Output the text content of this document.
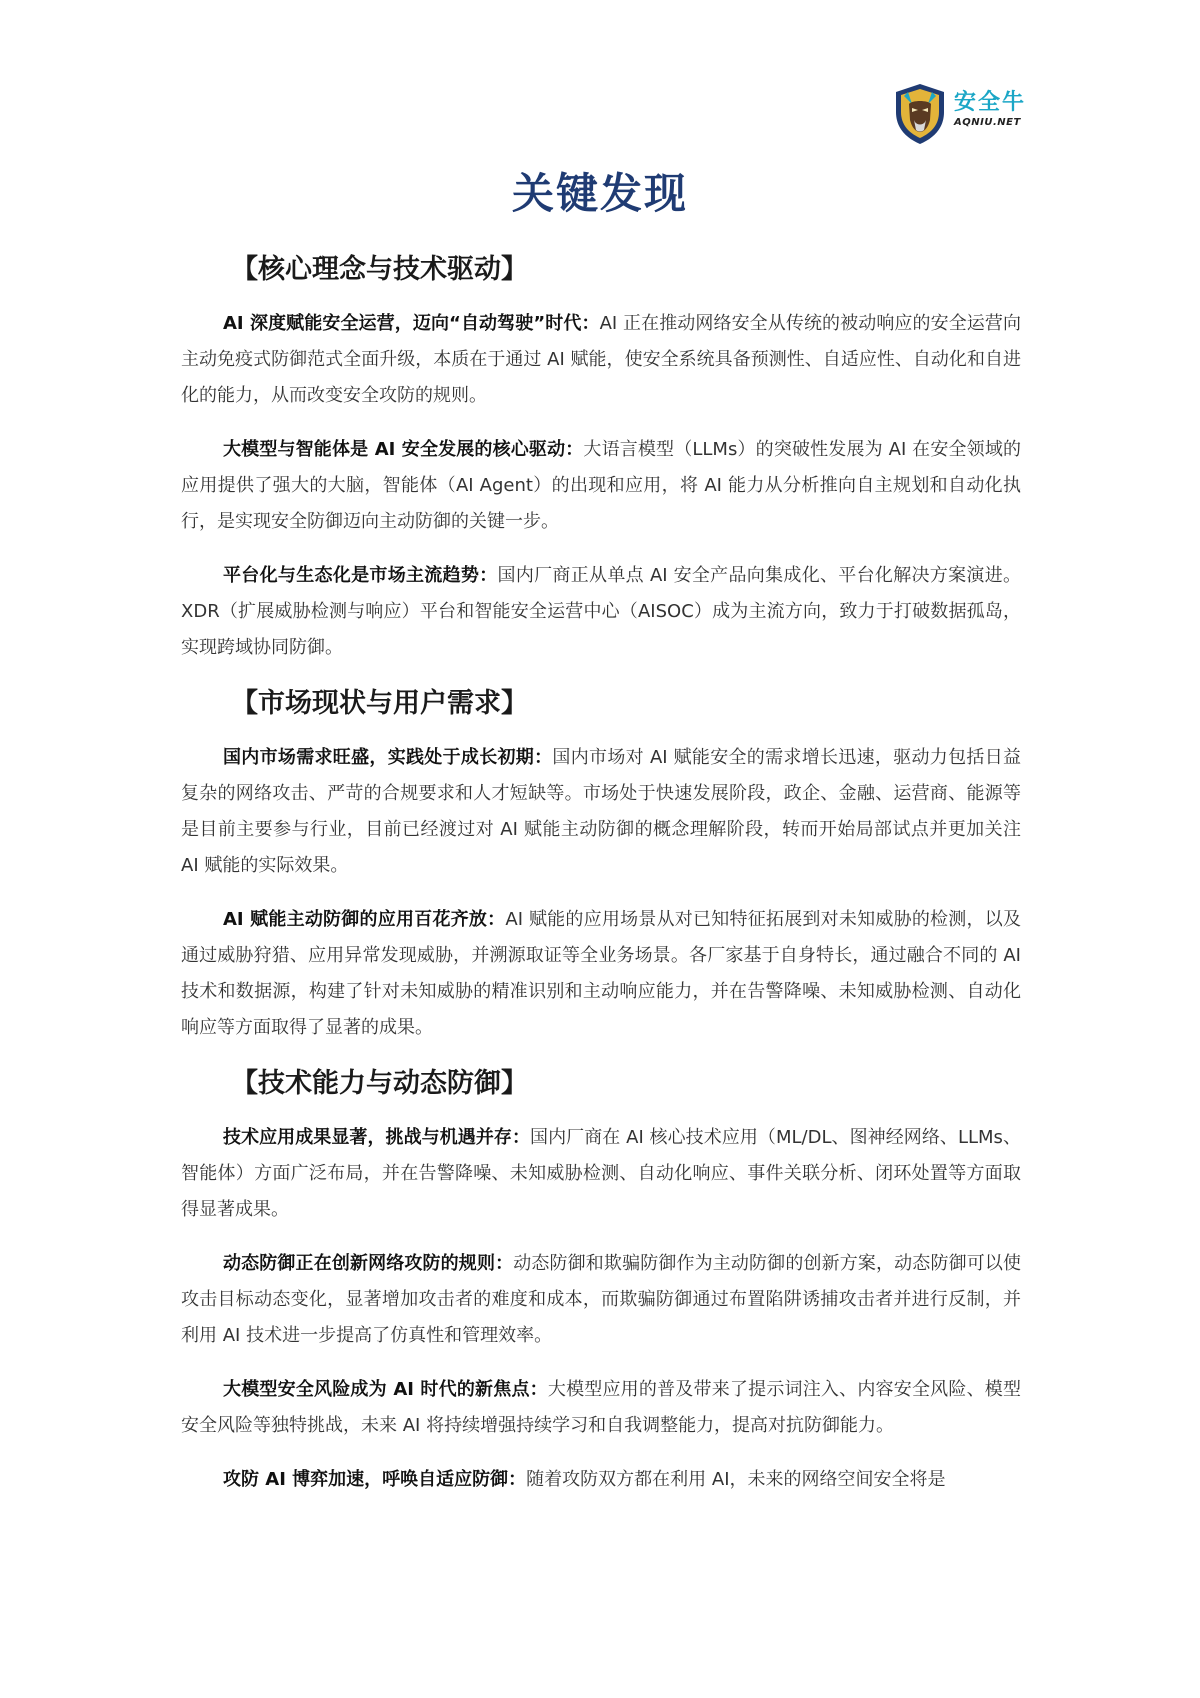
安全牛
AQNIU.NET
关键发现
【核心理念与技术驱动】

AI 深度赋能安全运营，迈向“自动驾驶”时代：AI 正在推动网络安全从传统的被动响应的安全运营向主动免疫式防御范式全面升级，本质在于通过 AI 赋能，使安全系统具备预测性、自适应性、自动化和自进化的能力，从而改变安全攻防的规则。

大模型与智能体是 AI 安全发展的核心驱动：大语言模型（LLMs）的突破性发展为 AI 在安全领域的应用提供了强大的大脑，智能体（AI Agent）的出现和应用，将 AI 能力从分析推向自主规划和自动化执行，是实现安全防御迈向主动防御的关键一步。

平台化与生态化是市场主流趋势：国内厂商正从单点 AI 安全产品向集成化、平台化解决方案演进。XDR（扩展威胁检测与响应）平台和智能安全运营中心（AISOC）成为主流方向，致力于打破数据孤岛，实现跨域协同防御。

【市场现状与用户需求】

国内市场需求旺盛，实践处于成长初期：国内市场对 AI 赋能安全的需求增长迅速，驱动力包括日益复杂的网络攻击、严苛的合规要求和人才短缺等。市场处于快速发展阶段，政企、金融、运营商、能源等是目前主要参与行业，目前已经渡过对 AI 赋能主动防御的概念理解阶段，转而开始局部试点并更加关注 AI 赋能的实际效果。

AI 赋能主动防御的应用百花齐放：AI 赋能的应用场景从对已知特征拓展到对未知威胁的检测，以及通过威胁狩猎、应用异常发现威胁，并溯源取证等全业务场景。各厂家基于自身特长，通过融合不同的 AI 技术和数据源，构建了针对未知威胁的精准识别和主动响应能力，并在告警降噪、未知威胁检测、自动化响应等方面取得了显著的成果。

【技术能力与动态防御】

技术应用成果显著，挑战与机遇并存：国内厂商在 AI 核心技术应用（ML/DL、图神经网络、LLMs、智能体）方面广泛布局，并在告警降噪、未知威胁检测、自动化响应、事件关联分析、闭环处置等方面取得显著成果。

动态防御正在创新网络攻防的规则：动态防御和欺骗防御作为主动防御的创新方案，动态防御可以使攻击目标动态变化，显著增加攻击者的难度和成本，而欺骗防御通过布置陷阱诱捕攻击者并进行反制，并利用 AI 技术进一步提高了仿真性和管理效率。

大模型安全风险成为 AI 时代的新焦点：大模型应用的普及带来了提示词注入、内容安全风险、模型安全风险等独特挑战，未来 AI 将持续增强持续学习和自我调整能力，提高对抗防御能力。

攻防 AI 博弈加速，呼唤自适应防御：随着攻防双方都在利用 AI，未来的网络空间安全将是
